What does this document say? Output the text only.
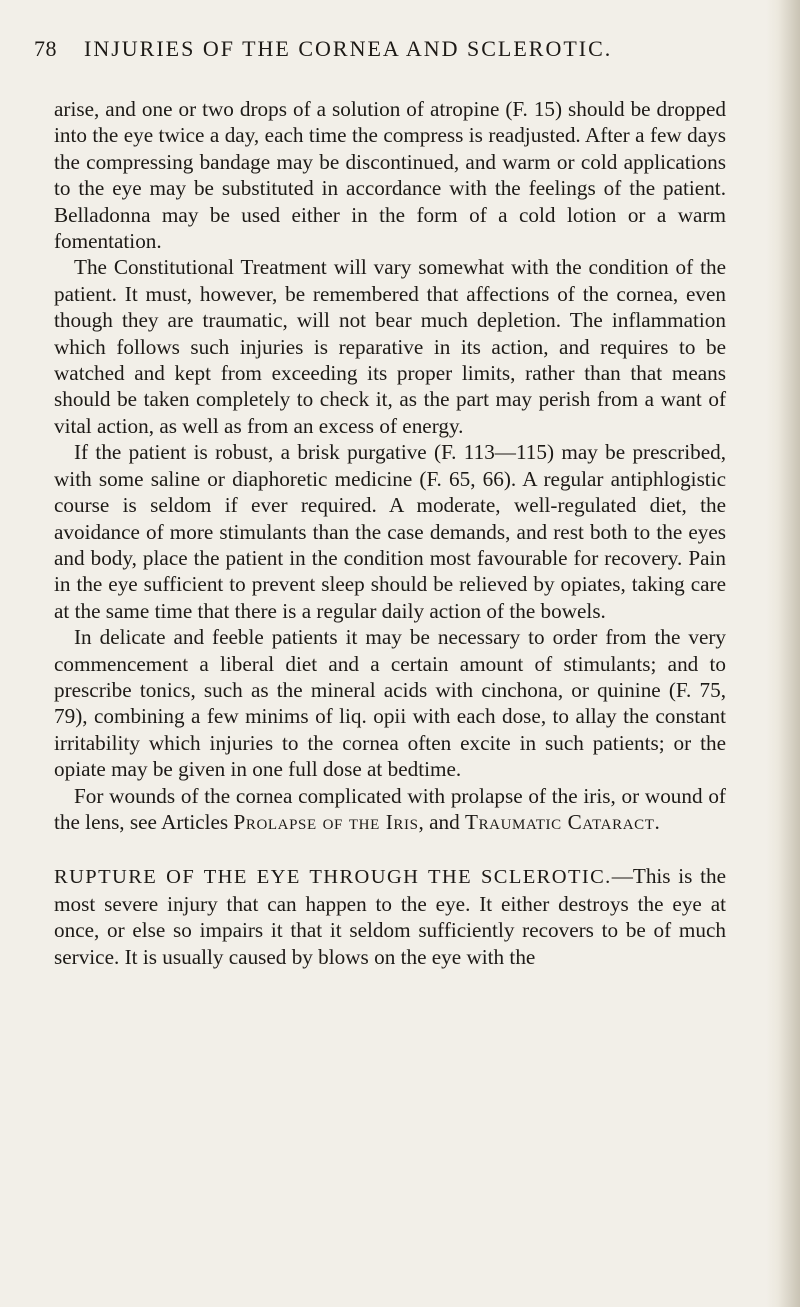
78 INJURIES OF THE CORNEA AND SCLEROTIC.

arise, and one or two drops of a solution of atropine (F. 15) should be dropped into the eye twice a day, each time the compress is readjusted. After a few days the compressing bandage may be discontinued, and warm or cold applications to the eye may be substituted in accordance with the feelings of the patient. Belladonna may be used either in the form of a cold lotion or a warm fomentation.

The Constitutional Treatment will vary somewhat with the condition of the patient. It must, however, be remembered that affections of the cornea, even though they are traumatic, will not bear much depletion. The inflammation which follows such injuries is reparative in its action, and requires to be watched and kept from exceeding its proper limits, rather than that means should be taken completely to check it, as the part may perish from a want of vital action, as well as from an excess of energy.

If the patient is robust, a brisk purgative (F. 113—115) may be prescribed, with some saline or diaphoretic medicine (F. 65, 66). A regular antiphlogistic course is seldom if ever required. A moderate, well-regulated diet, the avoidance of more stimulants than the case demands, and rest both to the eyes and body, place the patient in the condition most favourable for recovery. Pain in the eye sufficient to prevent sleep should be relieved by opiates, taking care at the same time that there is a regular daily action of the bowels.

In delicate and feeble patients it may be necessary to order from the very commencement a liberal diet and a certain amount of stimulants; and to prescribe tonics, such as the mineral acids with cinchona, or quinine (F. 75, 79), combining a few minims of liq. opii with each dose, to allay the constant irritability which injuries to the cornea often excite in such patients; or the opiate may be given in one full dose at bedtime.

For wounds of the cornea complicated with prolapse of the iris, or wound of the lens, see Articles Prolapse of the Iris, and Traumatic Cataract.

RUPTURE OF THE EYE THROUGH THE SCLEROTIC.—This is the most severe injury that can happen to the eye. It either destroys the eye at once, or else so impairs it that it seldom sufficiently recovers to be of much service. It is usually caused by blows on the eye with the
